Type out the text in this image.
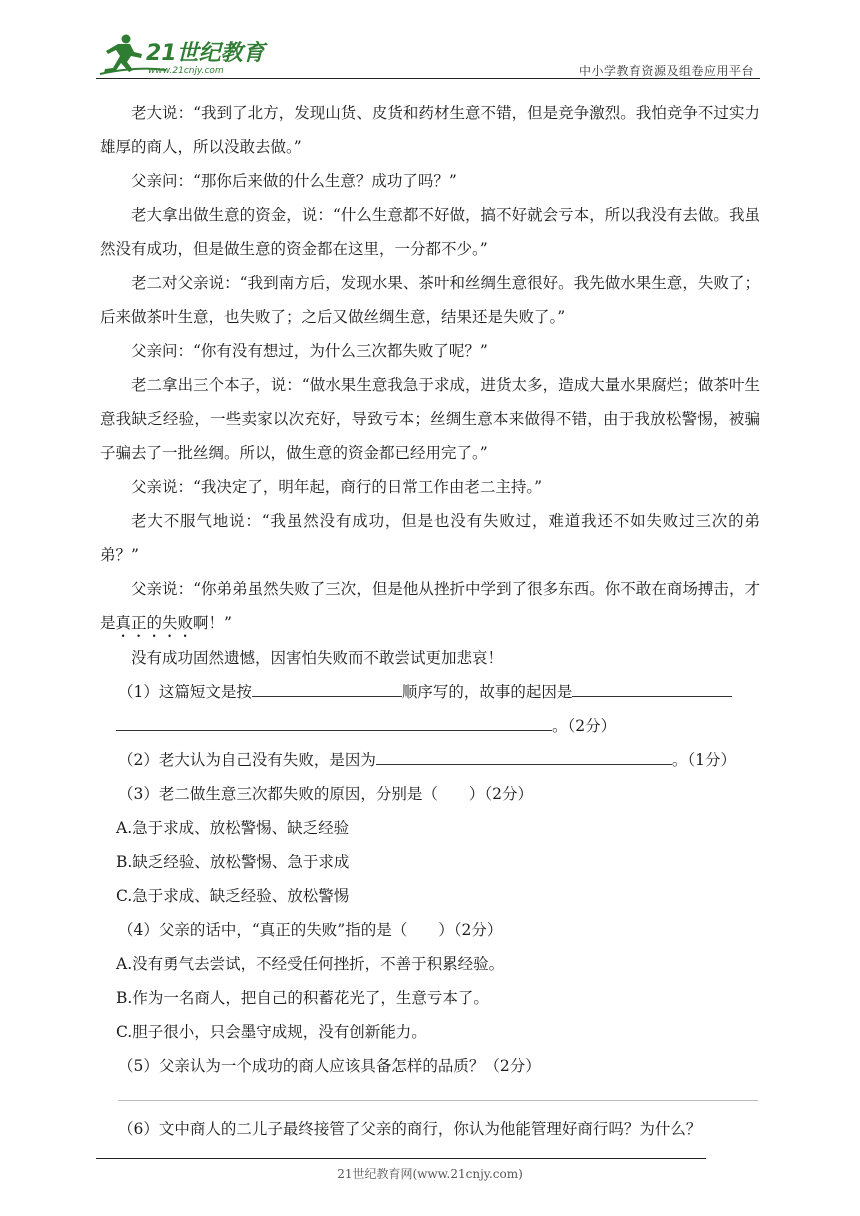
21世纪教育
www.21cnjy.com	中小学教育资源及组卷应用平台

老大说：“我到了北方，发现山货、皮货和药材生意不错，但是竞争激烈。我怕竞争不过实力雄厚的商人，所以没敢去做。”

父亲问：“那你后来做的什么生意？成功了吗？”

老大拿出做生意的资金，说：“什么生意都不好做，搞不好就会亏本，所以我没有去做。我虽然没有成功，但是做生意的资金都在这里，一分都不少。”

老二对父亲说：“我到南方后，发现水果、茶叶和丝绸生意很好。我先做水果生意，失败了；后来做茶叶生意，也失败了；之后又做丝绸生意，结果还是失败了。”

父亲问：“你有没有想过，为什么三次都失败了呢？”

老二拿出三个本子，说：“做水果生意我急于求成，进货太多，造成大量水果腐烂；做茶叶生意我缺乏经验，一些卖家以次充好，导致亏本；丝绸生意本来做得不错，由于我放松警惕，被骗子骗去了一批丝绸。所以，做生意的资金都已经用完了。”

父亲说：“我决定了，明年起，商行的日常工作由老二主持。”

老大不服气地说：“我虽然没有成功，但是也没有失败过，难道我还不如失败过三次的弟弟？”

父亲说：“你弟弟虽然失败了三次，但是他从挫折中学到了很多东西。你不敢在商场搏击，才是真正的失败啊！”

没有成功固然遗憾，因害怕失败而不敢尝试更加悲哀！

（1）这篇短文是按	顺序写的，故事的起因是

。（2分）

（2）老大认为自己没有失败，是因为	。（1分）

（3）老二做生意三次都失败的原因，分别是（　　）（2分）

A.急于求成、放松警惕、缺乏经验

B.缺乏经验、放松警惕、急于求成

C.急于求成、缺乏经验、放松警惕

（4）父亲的话中，“真正的失败”指的是（　　）（2分）

A.没有勇气去尝试，不经受任何挫折，不善于积累经验。

B.作为一名商人，把自己的积蓄花光了，生意亏本了。

C.胆子很小，只会墨守成规，没有创新能力。

（5）父亲认为一个成功的商人应该具备怎样的品质？（2分）

（6）文中商人的二儿子最终接管了父亲的商行，你认为他能管理好商行吗？为什么？
21世纪教育网(www.21cnjy.com)
